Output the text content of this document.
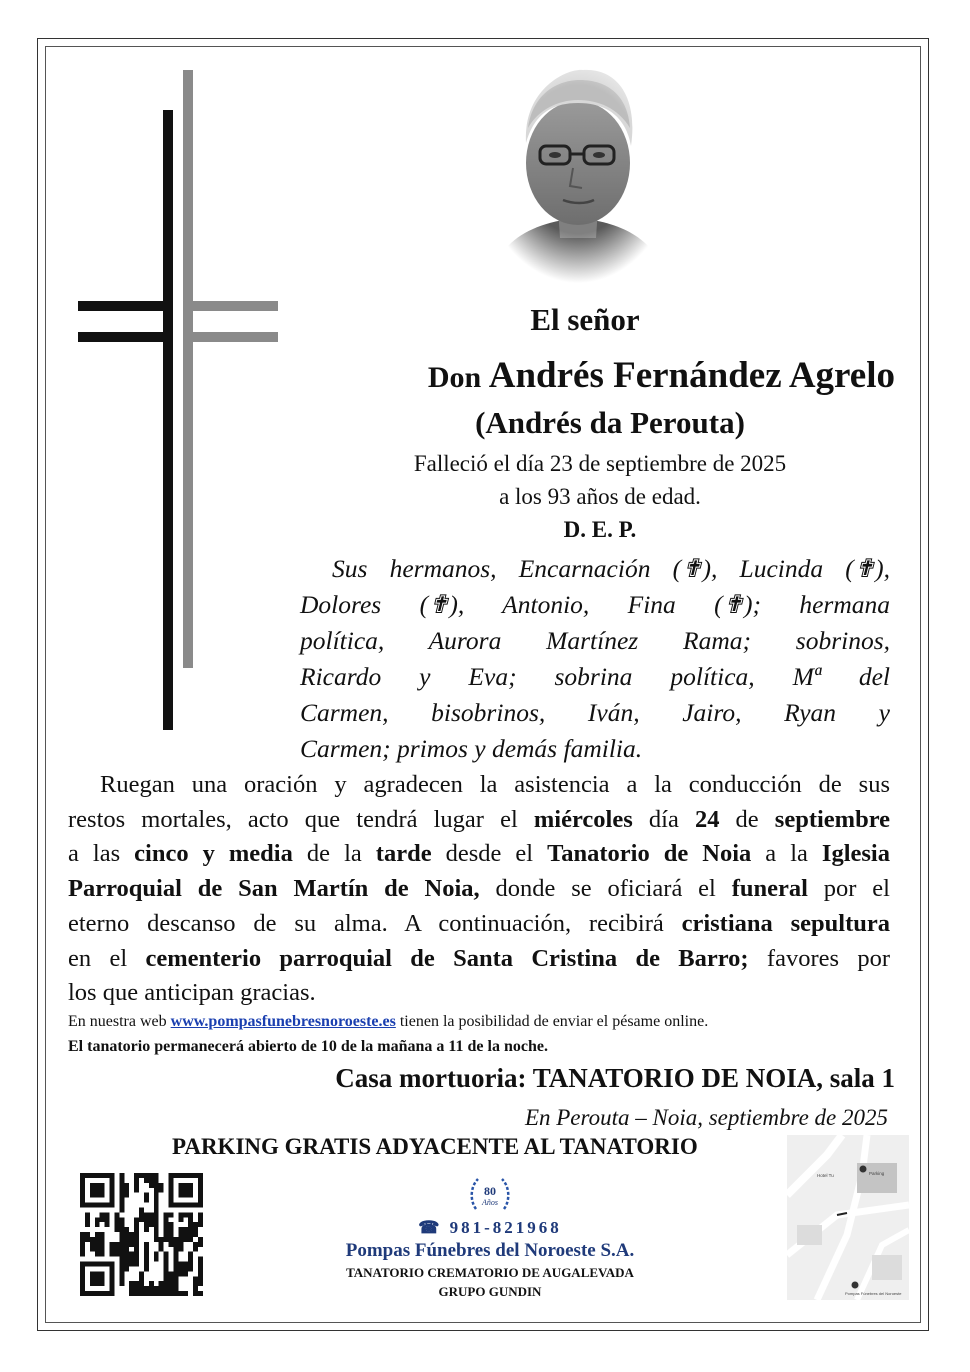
El señor
Don Andrés Fernández Agrelo
(Andrés da Perouta)
Falleció el día 23 de septiembre de 2025
a los 93 años de edad.
D. E. P.
Sus hermanos, Encarnación (✟), Lucinda (✟),
Dolores (✟), Antonio, Fina (✟); hermana
política, Aurora Martínez Rama; sobrinos,
Ricardo y Eva; sobrina política, Mª del
Carmen, bisobrinos, Iván, Jairo, Ryan y
Carmen; primos y demás familia.
Ruegan una oración y agradecen la asistencia a la conducción de sus
restos mortales, acto que tendrá lugar el miércoles día 24 de septiembre
a las cinco y media de la tarde desde el Tanatorio de Noia a la Iglesia
Parroquial de San Martín de Noia, donde se oficiará el funeral por el
eterno descanso de su alma. A continuación, recibirá cristiana sepultura
en el cementerio parroquial de Santa Cristina de Barro; favores por
los que anticipan gracias.
En nuestra web www.pompasfunebresnoroeste.es tienen la posibilidad de enviar el pésame online.
El tanatorio permanecerá abierto de 10 de la mañana a 11 de la noche.
Casa mortuoria: TANATORIO DE NOIA, sala 1
En Perouta – Noia, septiembre de 2025
PARKING GRATIS ADYACENTE AL TANATORIO
80
Años
☎ 981-821968
Pompas Fúnebres del Noroeste S.A.
TANATORIO CREMATORIO DE AUGALEVADA
GRUPO GUNDIN
Hotel Tu	Parking
Pompas Fúnebres del Noroeste
